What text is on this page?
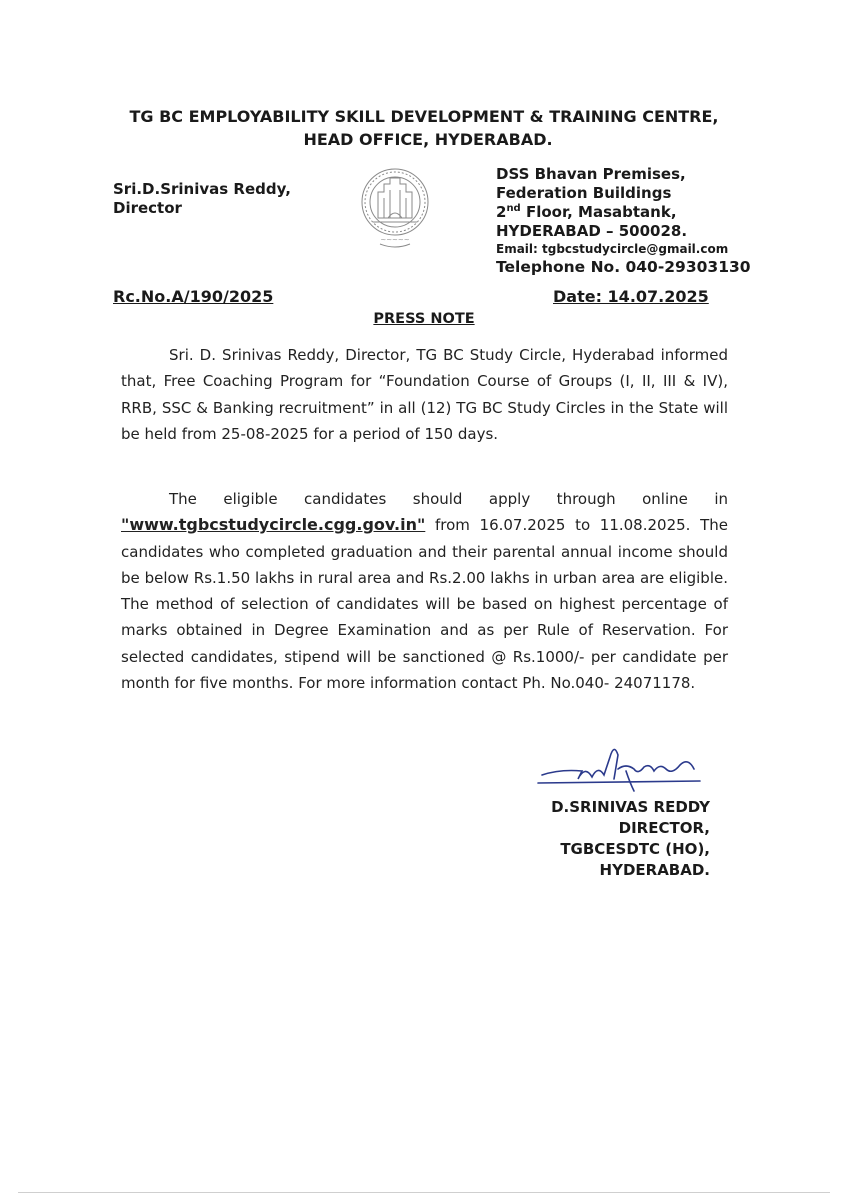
TG BC EMPLOYABILITY SKILL DEVELOPMENT & TRAINING CENTRE,
HEAD OFFICE, HYDERABAD.
Sri.D.Srinivas Reddy,
Director
~~~~~
DSS Bhavan Premises,
Federation Buildings
2nd Floor, Masabtank,
HYDERABAD – 500028.
Email: tgbcstudycircle@gmail.com
Telephone No. 040-29303130
Rc.No.A/190/2025	Date: 14.07.2025
PRESS NOTE
Sri. D. Srinivas Reddy, Director, TG BC Study Circle, Hyderabad informed that, Free Coaching Program for “Foundation Course of Groups (I, II, III & IV), RRB, SSC & Banking recruitment” in all (12) TG BC Study Circles in the State will be held from 25-08-2025 for a period of 150 days.
The eligible candidates should apply through online in "www.tgbcstudycircle.cgg.gov.in" from 16.07.2025 to 11.08.2025. The candidates who completed graduation and their parental annual income should be below Rs.1.50 lakhs in rural area and Rs.2.00 lakhs in urban area are eligible. The method of selection of candidates will be based on highest percentage of marks obtained in Degree Examination and as per Rule of Reservation. For selected candidates, stipend will be sanctioned @ Rs.1000/- per candidate per month for five months. For more information contact Ph. No.040- 24071178.
D.SRINIVAS REDDY
DIRECTOR,
TGBCESDTC (HO),
HYDERABAD.
